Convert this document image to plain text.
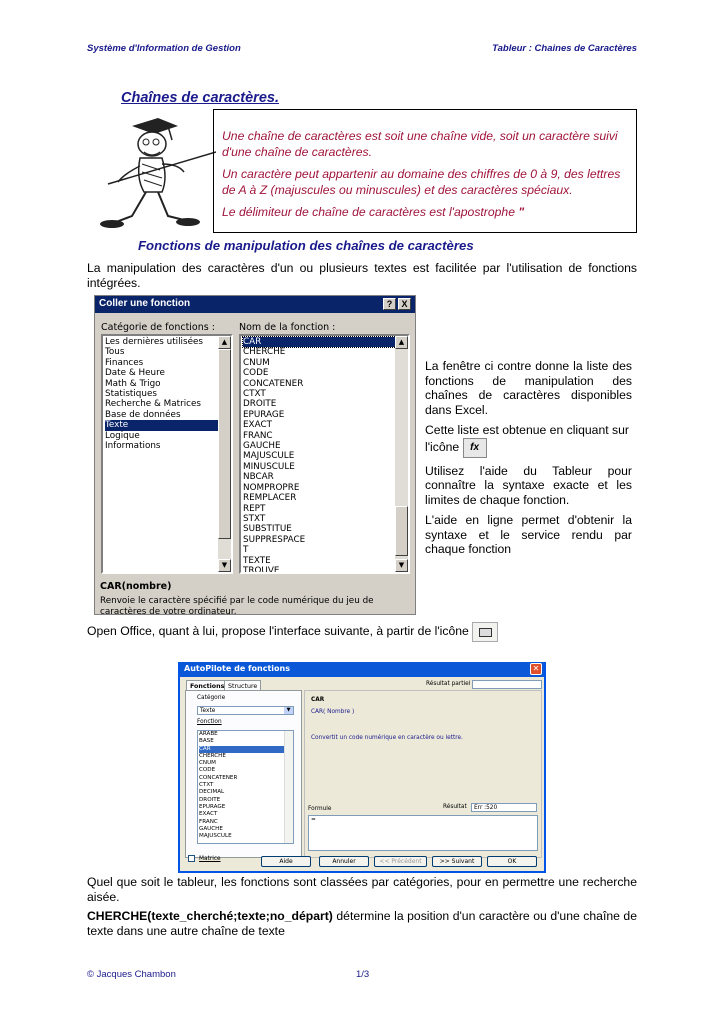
Système d'Information de Gestion	Tableur : Chaines de Caractères
Chaînes de caractères.

Une chaîne de caractères est soit une chaîne vide, soit un caractère suivi d'une chaîne de caractères.

Un caractère peut appartenir au domaine des chiffres de 0 à 9, des lettres de A à Z (majuscules ou minuscules) et des caractères spéciaux.

Le délimiteur de chaîne de caractères est l'apostrophe "

Fonctions de manipulation des chaînes de caractères
La manipulation des caractères d'un ou plusieurs textes est facilitée par l'utilisation de fonctions intégrées.
Coller une fonction	?	X
Catégorie de fonctions :	Nom de la fonction :
Les dernières utilisées
Tous
Finances
Date & Heure
Math & Trigo
Statistiques
Recherche & Matrices
Base de données
Texte
Logique
Informations
▲
▼
CAR
CHERCHE
CNUM
CODE
CONCATENER
CTXT
DROITE
EPURAGE
EXACT
FRANC
GAUCHE
MAJUSCULE
MINUSCULE
NBCAR
NOMPROPRE
REMPLACER
REPT
STXT
SUBSTITUE
SUPPRESPACE
T
TEXTE
TROUVE
▲
▼
CAR(nombre)
Renvoie le caractère spécifié par le code numérique du jeu de caractères de votre ordinateur.

La fenêtre ci contre donne la liste des fonctions de manipulation des chaînes de caractères disponibles dans Excel.

Cette liste est obtenue en cliquant sur
l'icône fx

Utilisez l'aide du Tableur pour connaître la syntaxe exacte et les limites de chaque fonction.

L'aide en ligne permet d'obtenir la syntaxe et le service rendu par chaque fonction

Open Office, quant à lui, propose l'interface suivante, à partir de l'icône
AutoPilote de fonctions	✕
Fonctions Structure
Catégorie
Texte	▼
Fonction
ARABE
BASE
CAR
CHERCHE
CNUM
CODE
CONCATENER
CTXT
DECIMAL
DROITE
EPURAGE
EXACT
FRANC
GAUCHE
MAJUSCULE
Résultat partiel
CAR
CAR( Nombre )
Convertit un code numérique en caractère ou lettre.
Formule	Résultat	Err :520
=
Matrice	Aide	Annuler	<< Précédent	>> Suivant	OK
Quel que soit le tableur, les fonctions sont classées par catégories, pour en permettre une recherche aisée.
CHERCHE(texte_cherché;texte;no_départ) détermine la position d'un caractère ou d'une chaîne de texte dans une autre chaîne de texte
© Jacques Chambon	1/3
